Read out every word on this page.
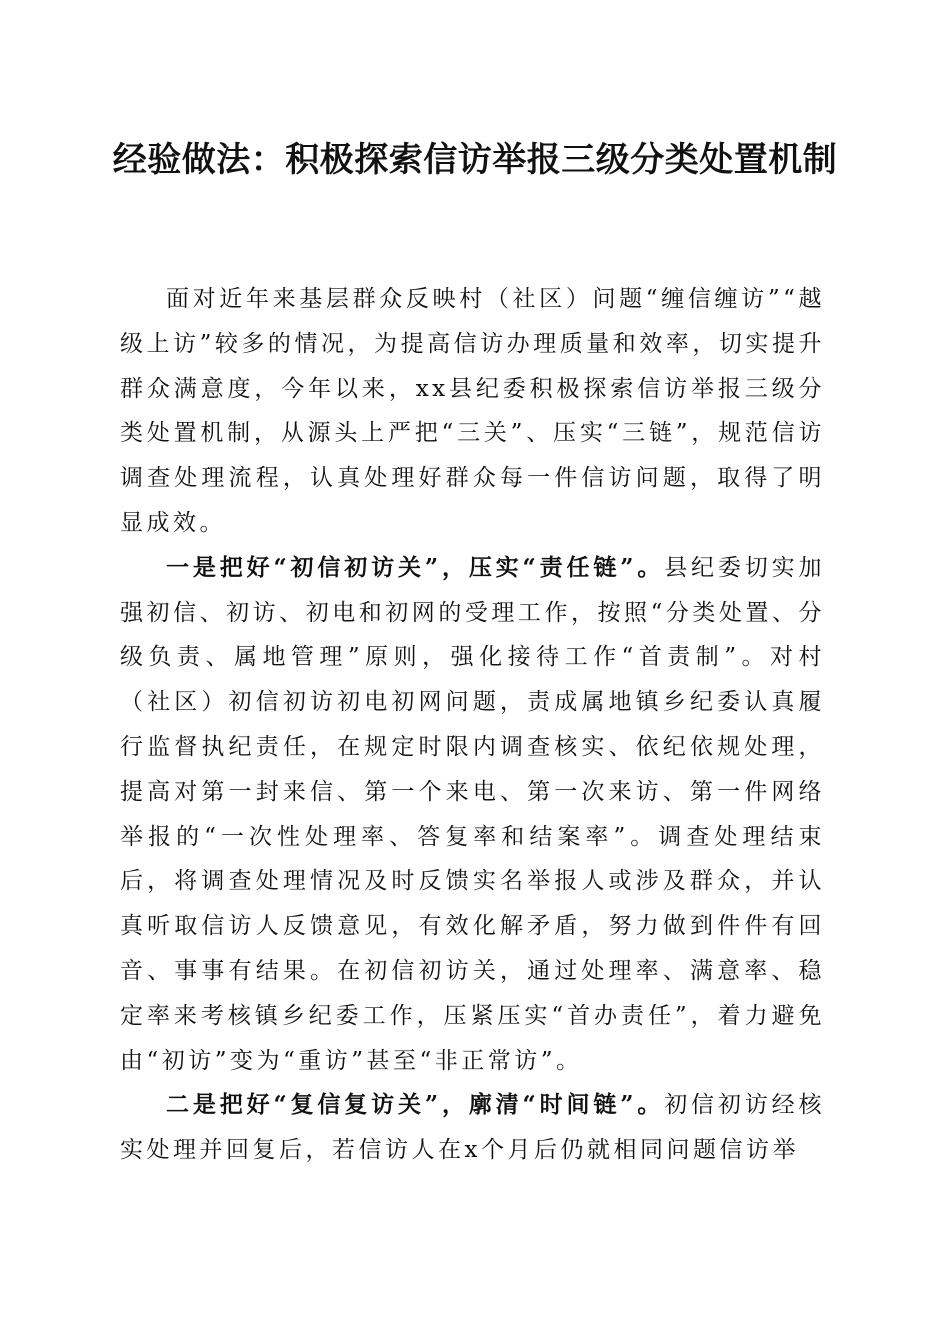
经验做法：积极探索信访举报三级分类处置机制

面对近年来基层群众反映村（社区）问题“缠信缠访”“越级上访”较多的情况，为提高信访办理质量和效率，切实提升群众满意度，今年以来，xx县纪委积极探索信访举报三级分类处置机制，从源头上严把“三关”、压实“三链”，规范信访调查处理流程，认真处理好群众每一件信访问题，取得了明显成效。

一是把好“初信初访关”，压实“责任链”。县纪委切实加强初信、初访、初电和初网的受理工作，按照“分类处置、分级负责、属地管理”原则，强化接待工作“首责制”。对村（社区）初信初访初电初网问题，责成属地镇乡纪委认真履行监督执纪责任，在规定时限内调查核实、依纪依规处理，提高对第一封来信、第一个来电、第一次来访、第一件网络举报的“一次性处理率、答复率和结案率”。调查处理结束后，将调查处理情况及时反馈实名举报人或涉及群众，并认真听取信访人反馈意见，有效化解矛盾，努力做到件件有回音、事事有结果。在初信初访关，通过处理率、满意率、稳定率来考核镇乡纪委工作，压紧压实“首办责任”，着力避免由“初访”变为“重访”甚至“非正常访”。

二是把好“复信复访关”，廓清“时间链”。初信初访经核实处理并回复后，若信访人在x个月后仍就相同问题信访举
